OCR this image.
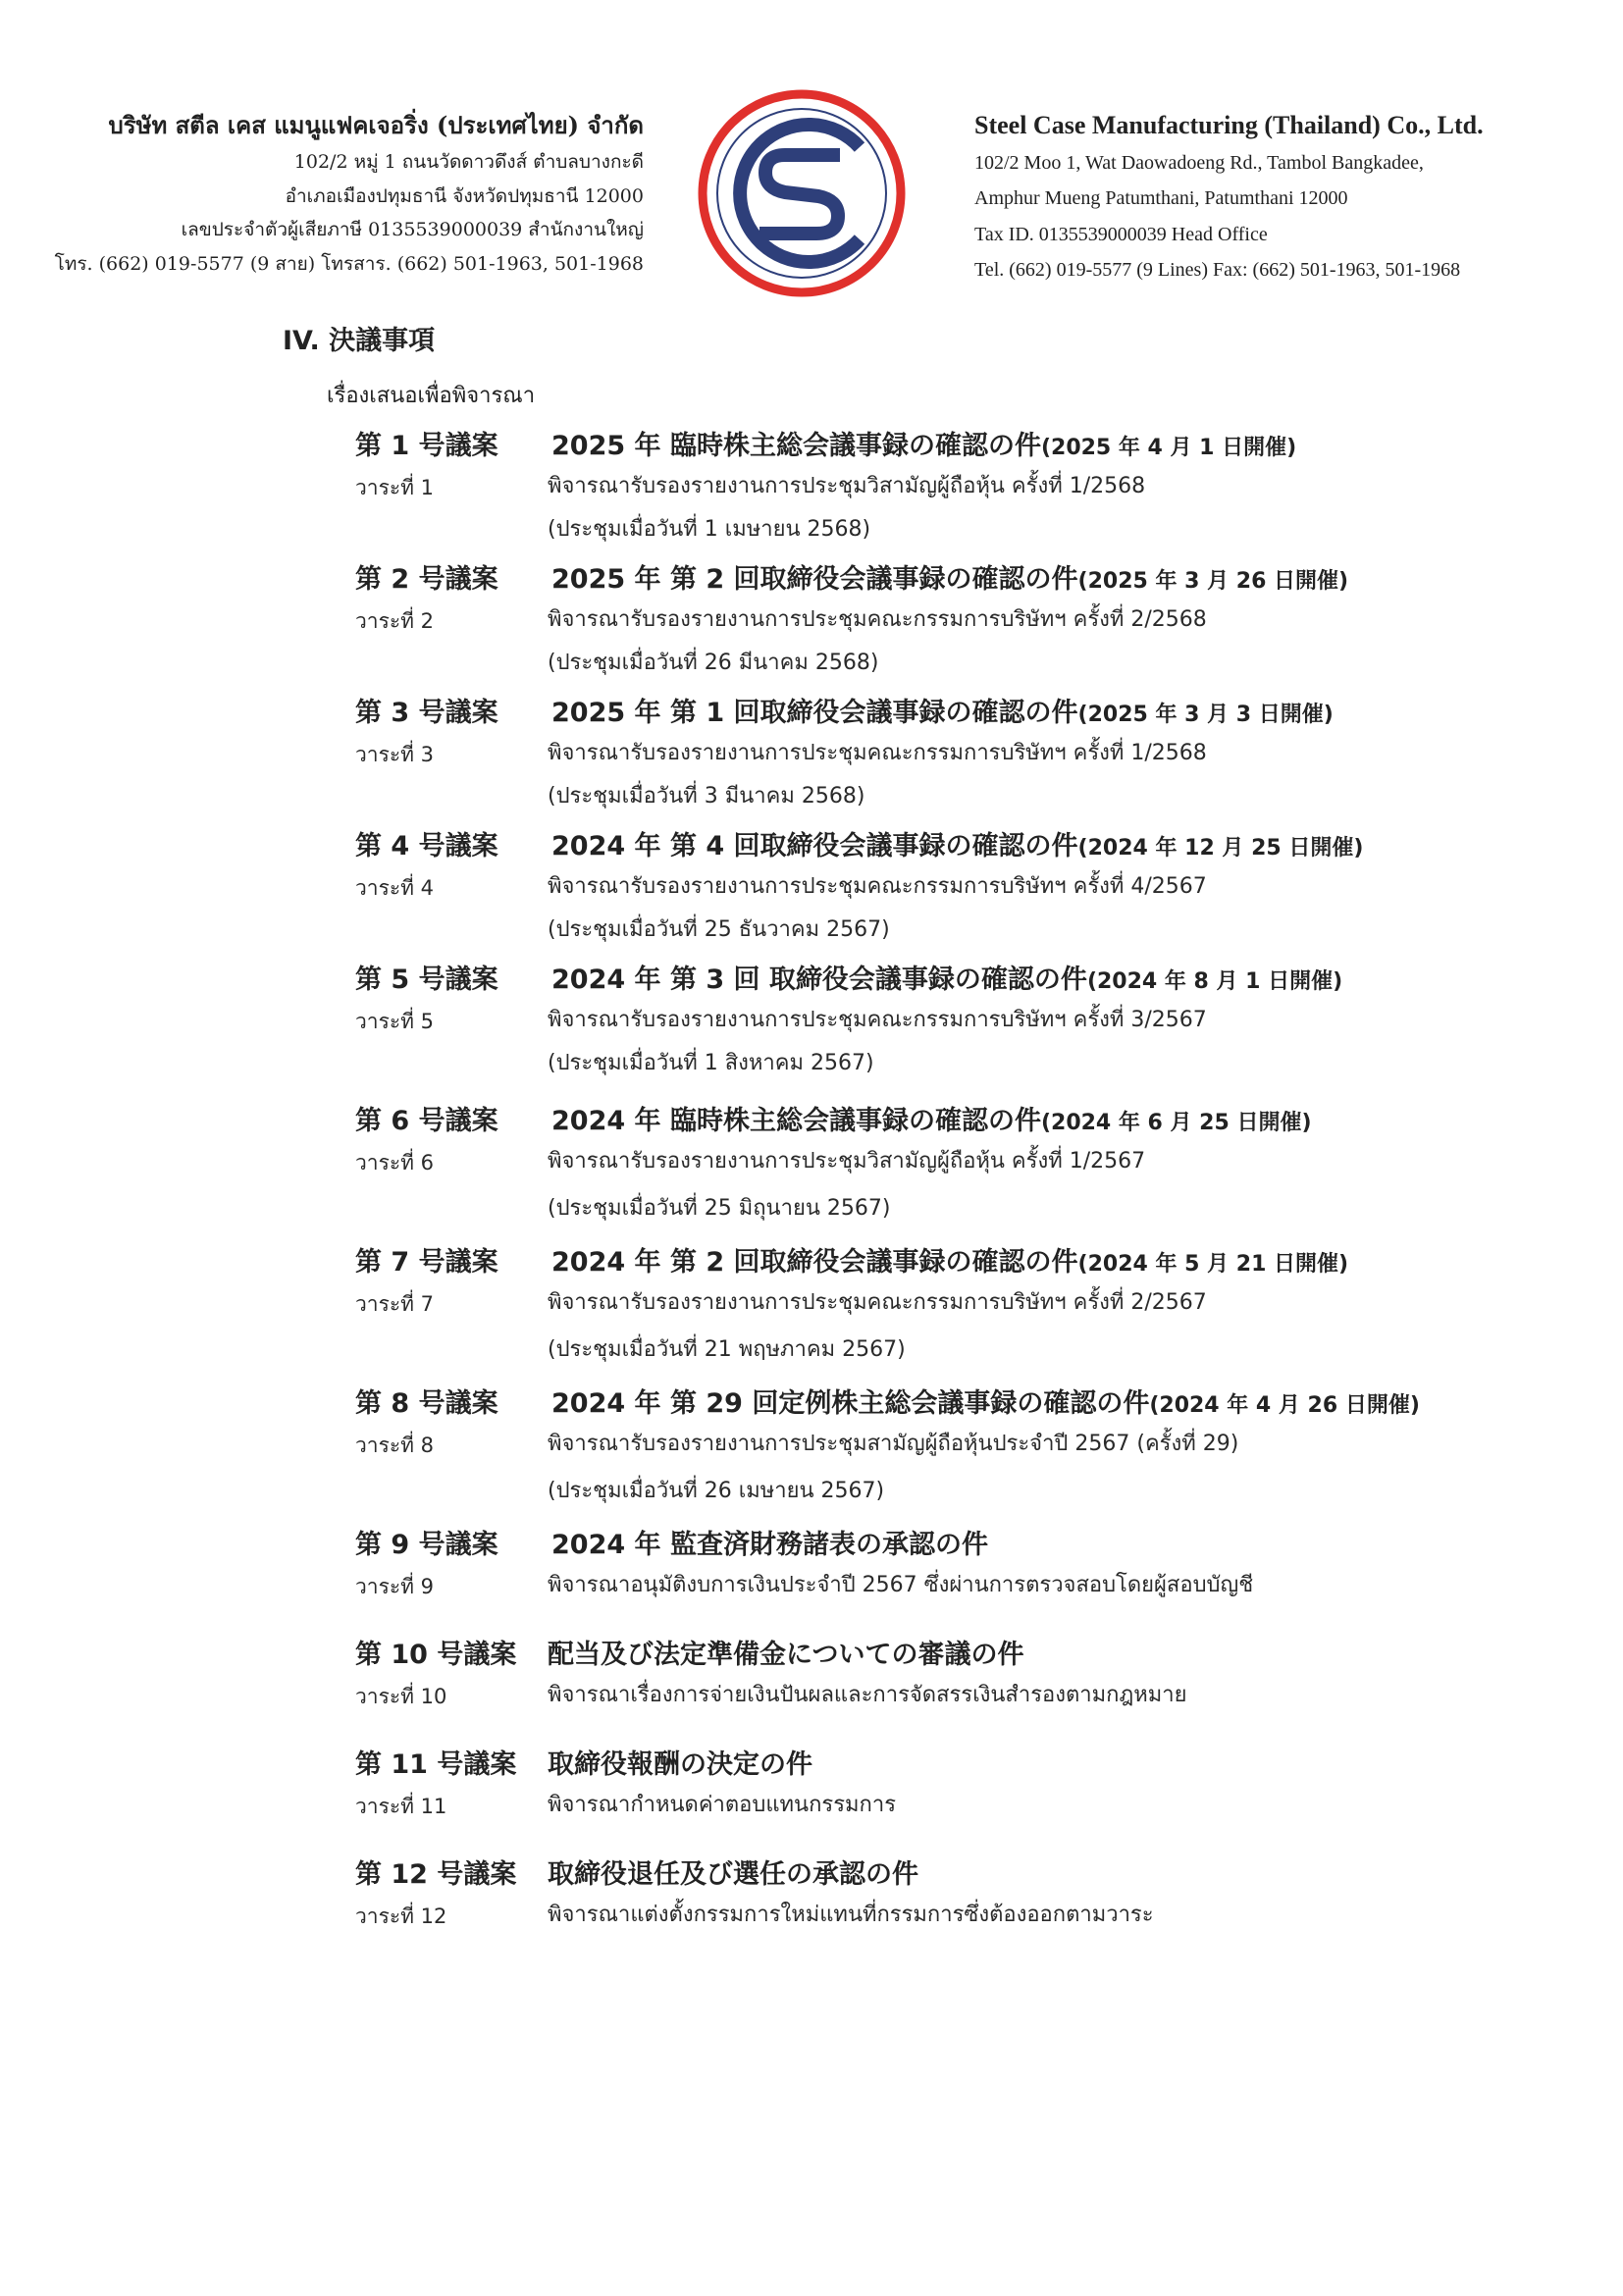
บริษัท สตีล เคส แมนูแฟคเจอริ่ง (ประเทศไทย) จำกัด
102/2 หมู่ 1 ถนนวัดดาวดึงส์ ตำบลบางกะดี
อำเภอเมืองปทุมธานี จังหวัดปทุมธานี 12000
เลขประจำตัวผู้เสียภาษี 0135539000039 สำนักงานใหญ่
โทร. (662) 019-5577 (9 สาย) โทรสาร. (662) 501-1963, 501-1968
Steel Case Manufacturing (Thailand) Co., Ltd.
102/2 Moo 1, Wat Daowadoeng Rd., Tambol Bangkadee,
Amphur Mueng Patumthani, Patumthani 12000
Tax ID. 0135539000039 Head Office
Tel. (662) 019-5577 (9 Lines) Fax: (662) 501-1963, 501-1968
IV. 決議事項
เรื่องเสนอเพื่อพิจารณา
第 1 号議案 2025 年 臨時株主総会議事録の確認の件(2025 年 4 月 1 日開催)
วาระที่ 1	พิจารณารับรองรายงานการประชุมวิสามัญผู้ถือหุ้น ครั้งที่ 1/2568
(ประชุมเมื่อวันที่ 1 เมษายน 2568)
第 2 号議案 2025 年 第 2 回取締役会議事録の確認の件(2025 年 3 月 26 日開催)
วาระที่ 2	พิจารณารับรองรายงานการประชุมคณะกรรมการบริษัทฯ ครั้งที่ 2/2568
(ประชุมเมื่อวันที่ 26 มีนาคม 2568)
第 3 号議案 2025 年 第 1 回取締役会議事録の確認の件(2025 年 3 月 3 日開催)
วาระที่ 3	พิจารณารับรองรายงานการประชุมคณะกรรมการบริษัทฯ ครั้งที่ 1/2568
(ประชุมเมื่อวันที่ 3 มีนาคม 2568)
第 4 号議案 2024 年 第 4 回取締役会議事録の確認の件(2024 年 12 月 25 日開催)
วาระที่ 4	พิจารณารับรองรายงานการประชุมคณะกรรมการบริษัทฯ ครั้งที่ 4/2567
(ประชุมเมื่อวันที่ 25 ธันวาคม 2567)
第 5 号議案 2024 年 第 3 回 取締役会議事録の確認の件(2024 年 8 月 1 日開催)
วาระที่ 5	พิจารณารับรองรายงานการประชุมคณะกรรมการบริษัทฯ ครั้งที่ 3/2567
(ประชุมเมื่อวันที่ 1 สิงหาคม 2567)
第 6 号議案 2024 年 臨時株主総会議事録の確認の件(2024 年 6 月 25 日開催)
วาระที่ 6	พิจารณารับรองรายงานการประชุมวิสามัญผู้ถือหุ้น ครั้งที่ 1/2567
(ประชุมเมื่อวันที่ 25 มิถุนายน 2567)
第 7 号議案 2024 年 第 2 回取締役会議事録の確認の件(2024 年 5 月 21 日開催)
วาระที่ 7	พิจารณารับรองรายงานการประชุมคณะกรรมการบริษัทฯ ครั้งที่ 2/2567
(ประชุมเมื่อวันที่ 21 พฤษภาคม 2567)
第 8 号議案 2024 年 第 29 回定例株主総会議事録の確認の件(2024 年 4 月 26 日開催)
วาระที่ 8	พิจารณารับรองรายงานการประชุมสามัญผู้ถือหุ้นประจำปี 2567 (ครั้งที่ 29)
(ประชุมเมื่อวันที่ 26 เมษายน 2567)
第 9 号議案 2024 年 監査済財務諸表の承認の件
วาระที่ 9	พิจารณาอนุมัติงบการเงินประจำปี 2567 ซึ่งผ่านการตรวจสอบโดยผู้สอบบัญชี
第 10 号議案 配当及び法定準備金についての審議の件
วาระที่ 10	พิจารณาเรื่องการจ่ายเงินปันผลและการจัดสรรเงินสำรองตามกฎหมาย
第 11 号議案 取締役報酬の決定の件
วาระที่ 11	พิจารณากำหนดค่าตอบแทนกรรมการ
第 12 号議案 取締役退任及び選任の承認の件
วาระที่ 12	พิจารณาแต่งตั้งกรรมการใหม่แทนที่กรรมการซึ่งต้องออกตามวาระ
